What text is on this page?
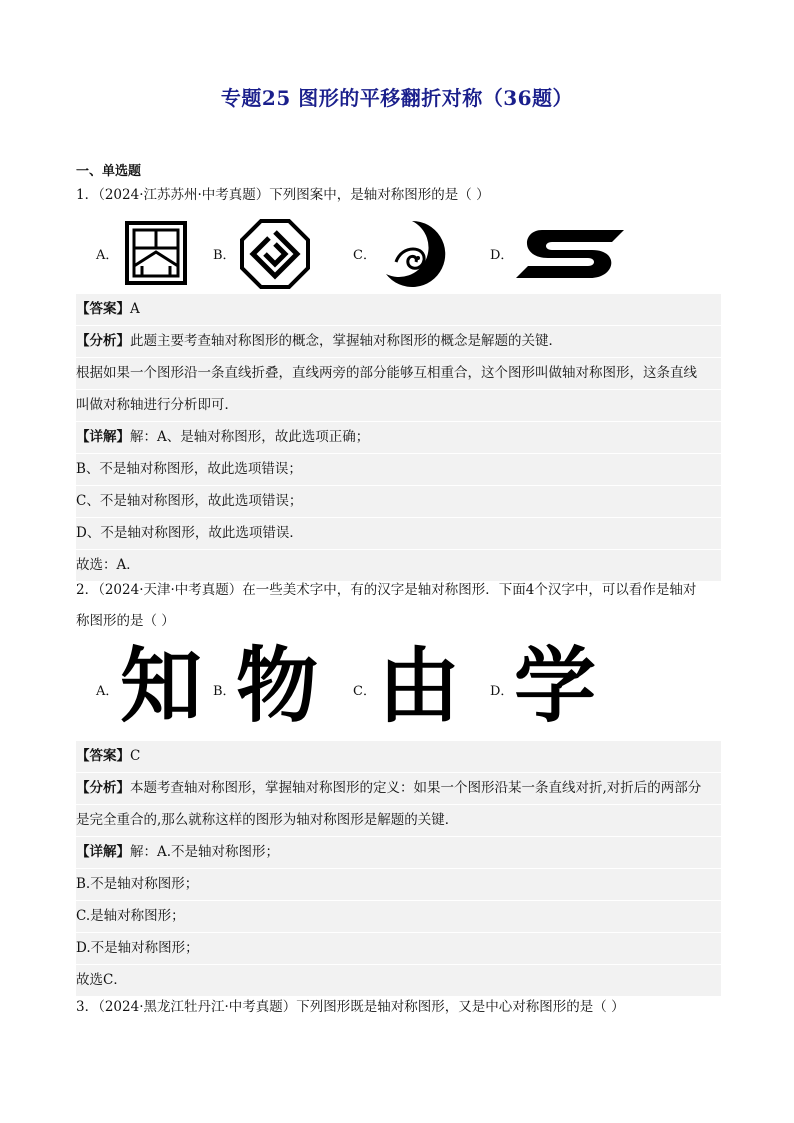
专题25 图形的平移翻折对称（36题）
一、单选题
1．（2024·江苏苏州·中考真题）下列图案中，是轴对称图形的是（ ）
A．	B．	C．	D．
【答案】A
【分析】此题主要考查轴对称图形的概念，掌握轴对称图形的概念是解题的关键．
根据如果一个图形沿一条直线折叠，直线两旁的部分能够互相重合，这个图形叫做轴对称图形，这条直线
叫做对称轴进行分析即可．
【详解】解：A、是轴对称图形，故此选项正确；
B、不是轴对称图形，故此选项错误；
C、不是轴对称图形，故此选项错误；
D、不是轴对称图形，故此选项错误．
故选：A．
2．（2024·天津·中考真题）在一些美术字中，有的汉字是轴对称图形．下面4个汉字中，可以看作是轴对
称图形的是（ ）
A． 知 B． 物	C． 由 D． 学
【答案】C
【分析】本题考查轴对称图形，掌握轴对称图形的定义：如果一个图形沿某一条直线对折,对折后的两部分
是完全重合的,那么就称这样的图形为轴对称图形是解题的关键．
【详解】解：A.不是轴对称图形；
B.不是轴对称图形；
C.是轴对称图形；
D.不是轴对称图形；
故选C．
3．（2024·黑龙江牡丹江·中考真题）下列图形既是轴对称图形，又是中心对称图形的是（ ）
